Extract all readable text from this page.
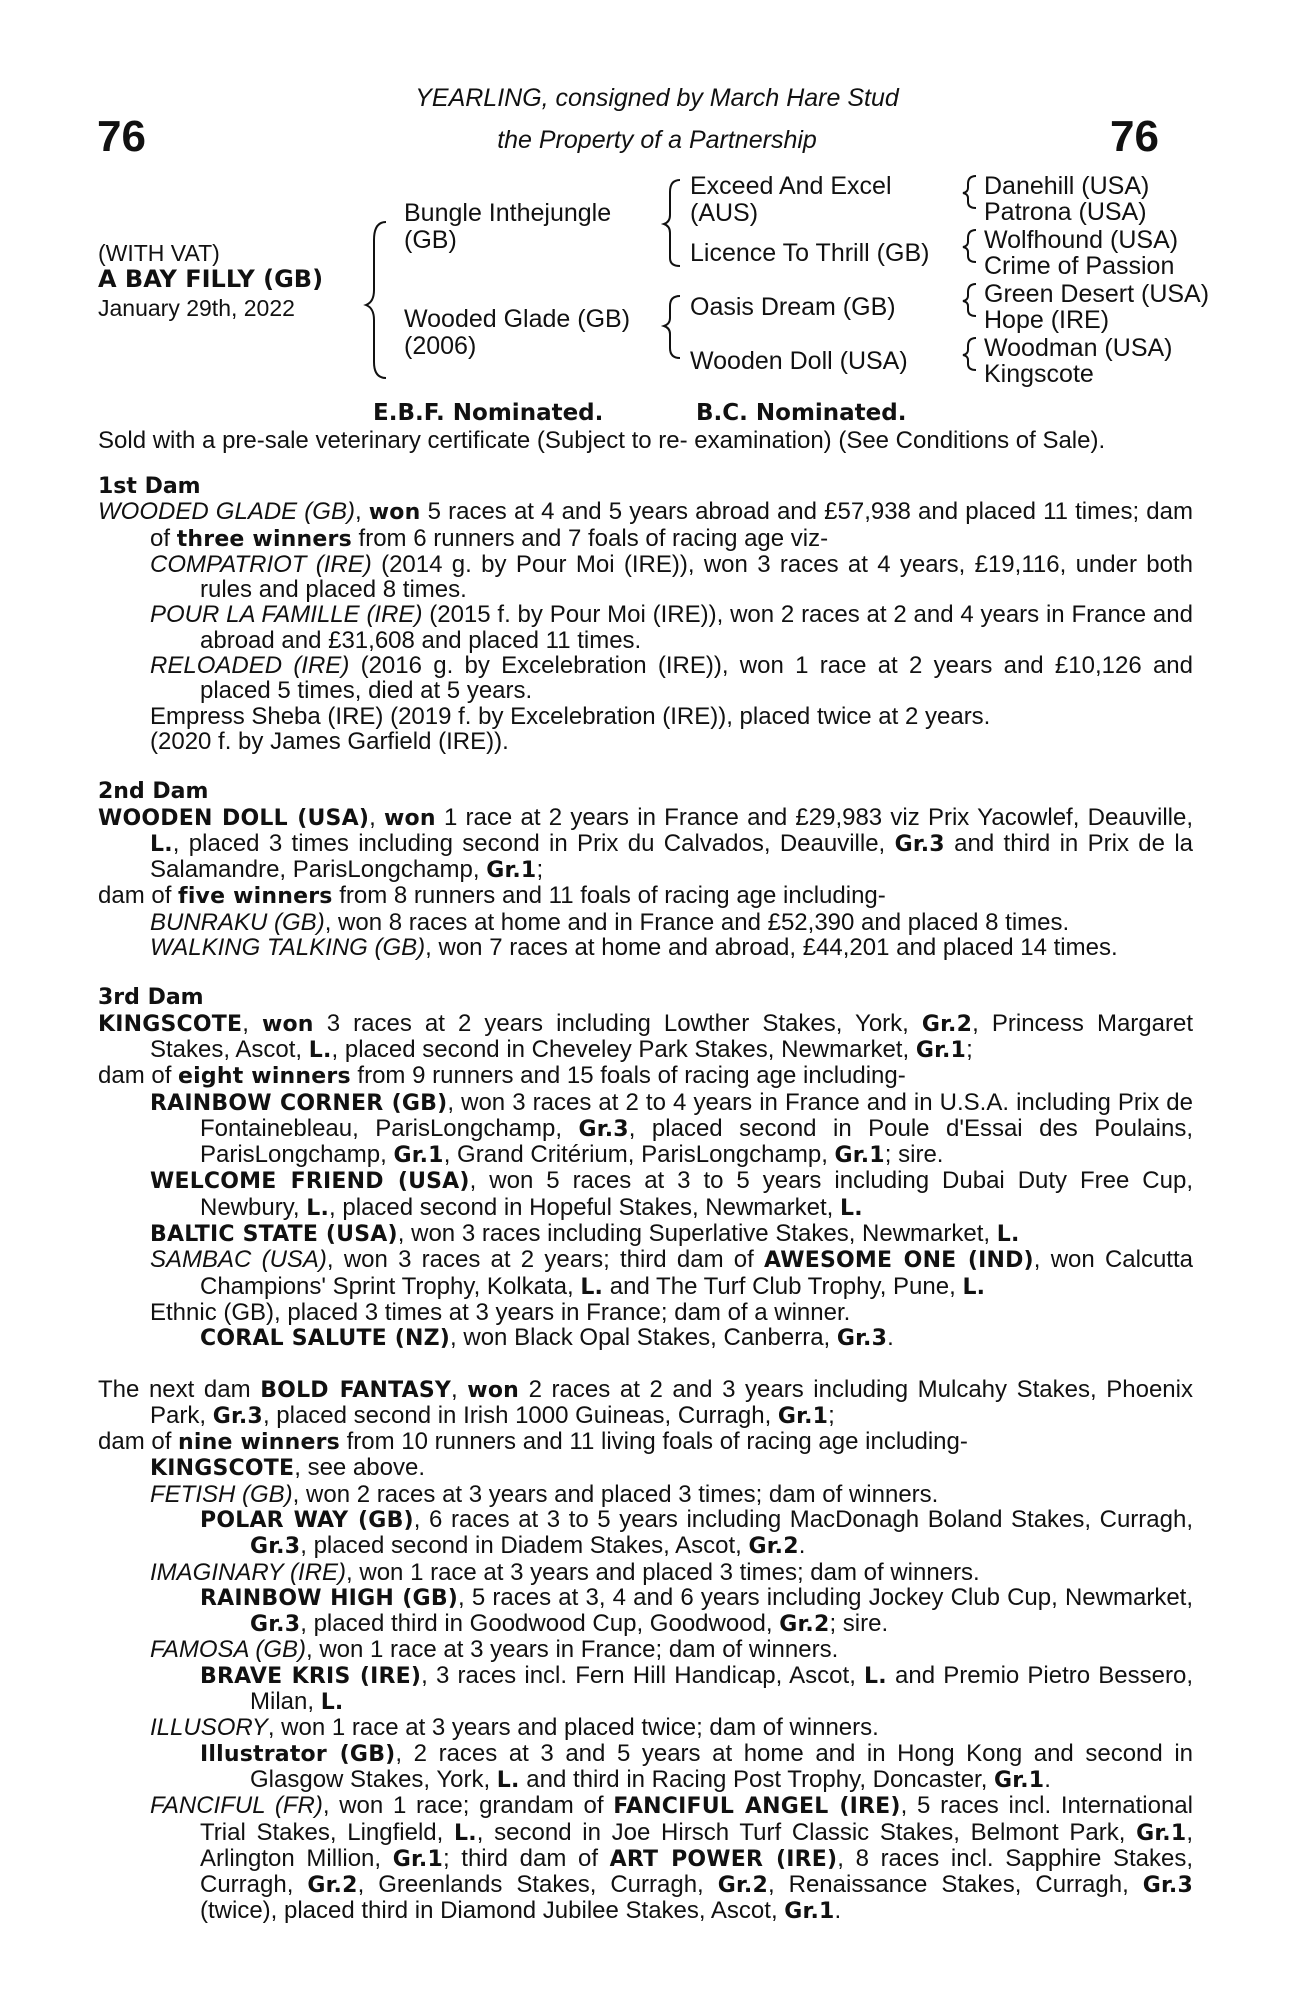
76	76
YEARLING, consigned by March Hare Stud
the Property of a Partnership
(WITH VAT)
A BAY FILLY (GB)
January 29th, 2022
Bungle Inthejungle
(GB)
Wooded Glade (GB)
(2006)
Exceed And Excel
(AUS)
Licence To Thrill (GB)
Oasis Dream (GB)
Wooden Doll (USA)
Danehill (USA)
Patrona (USA)
Wolfhound (USA)
Crime of Passion
Green Desert (USA)
Hope (IRE)
Woodman (USA)
Kingscote
E.B.F. Nominated.	B.C. Nominated.
Sold with a pre-sale veterinary certificate (Subject to re- examination) (See Conditions of Sale).

1st Dam

WOODED GLADE (GB), won 5 races at 4 and 5 years abroad and £57,938 and placed 11 times; dam of three winners from 6 runners and 7 foals of racing age viz-

COMPATRIOT (IRE) (2014 g. by Pour Moi (IRE)), won 3 races at 4 years, £19,116, under both rules and placed 8 times.

POUR LA FAMILLE (IRE) (2015 f. by Pour Moi (IRE)), won 2 races at 2 and 4 years in France and abroad and £31,608 and placed 11 times.

RELOADED (IRE) (2016 g. by Excelebration (IRE)), won 1 race at 2 years and £10,126 and placed 5 times, died at 5 years.

Empress Sheba (IRE) (2019 f. by Excelebration (IRE)), placed twice at 2 years.

(2020 f. by James Garfield (IRE)).

2nd Dam

WOODEN DOLL (USA), won 1 race at 2 years in France and £29,983 viz Prix Yacowlef, Deauville, L., placed 3 times including second in Prix du Calvados, Deauville, Gr.3 and third in Prix de la Salamandre, ParisLongchamp, Gr.1;

dam of five winners from 8 runners and 11 foals of racing age including-

BUNRAKU (GB), won 8 races at home and in France and £52,390 and placed 8 times.

WALKING TALKING (GB), won 7 races at home and abroad, £44,201 and placed 14 times.

3rd Dam

KINGSCOTE, won 3 races at 2 years including Lowther Stakes, York, Gr.2, Princess Margaret Stakes, Ascot, L., placed second in Cheveley Park Stakes, Newmarket, Gr.1;

dam of eight winners from 9 runners and 15 foals of racing age including-

RAINBOW CORNER (GB), won 3 races at 2 to 4 years in France and in U.S.A. including Prix de Fontainebleau, ParisLongchamp, Gr.3, placed second in Poule d'Essai des Poulains, ParisLongchamp, Gr.1, Grand Critérium, ParisLongchamp, Gr.1; sire.

WELCOME FRIEND (USA), won 5 races at 3 to 5 years including Dubai Duty Free Cup, Newbury, L., placed second in Hopeful Stakes, Newmarket, L.

BALTIC STATE (USA), won 3 races including Superlative Stakes, Newmarket, L.

SAMBAC (USA), won 3 races at 2 years; third dam of AWESOME ONE (IND), won Calcutta Champions' Sprint Trophy, Kolkata, L. and The Turf Club Trophy, Pune, L.

Ethnic (GB), placed 3 times at 3 years in France; dam of a winner.

CORAL SALUTE (NZ), won Black Opal Stakes, Canberra, Gr.3.

The next dam BOLD FANTASY, won 2 races at 2 and 3 years including Mulcahy Stakes, Phoenix Park, Gr.3, placed second in Irish 1000 Guineas, Curragh, Gr.1;

dam of nine winners from 10 runners and 11 living foals of racing age including-

KINGSCOTE, see above.

FETISH (GB), won 2 races at 3 years and placed 3 times; dam of winners.

POLAR WAY (GB), 6 races at 3 to 5 years including MacDonagh Boland Stakes, Curragh, Gr.3, placed second in Diadem Stakes, Ascot, Gr.2.

IMAGINARY (IRE), won 1 race at 3 years and placed 3 times; dam of winners.

RAINBOW HIGH (GB), 5 races at 3, 4 and 6 years including Jockey Club Cup, Newmarket, Gr.3, placed third in Goodwood Cup, Goodwood, Gr.2; sire.

FAMOSA (GB), won 1 race at 3 years in France; dam of winners.

BRAVE KRIS (IRE), 3 races incl. Fern Hill Handicap, Ascot, L. and Premio Pietro Bessero, Milan, L.

ILLUSORY, won 1 race at 3 years and placed twice; dam of winners.

Illustrator (GB), 2 races at 3 and 5 years at home and in Hong Kong and second in Glasgow Stakes, York, L. and third in Racing Post Trophy, Doncaster, Gr.1.

FANCIFUL (FR), won 1 race; grandam of FANCIFUL ANGEL (IRE), 5 races incl. International Trial Stakes, Lingfield, L., second in Joe Hirsch Turf Classic Stakes, Belmont Park, Gr.1, Arlington Million, Gr.1; third dam of ART POWER (IRE), 8 races incl. Sapphire Stakes, Curragh, Gr.2, Greenlands Stakes, Curragh, Gr.2, Renaissance Stakes, Curragh, Gr.3 (twice), placed third in Diamond Jubilee Stakes, Ascot, Gr.1.
